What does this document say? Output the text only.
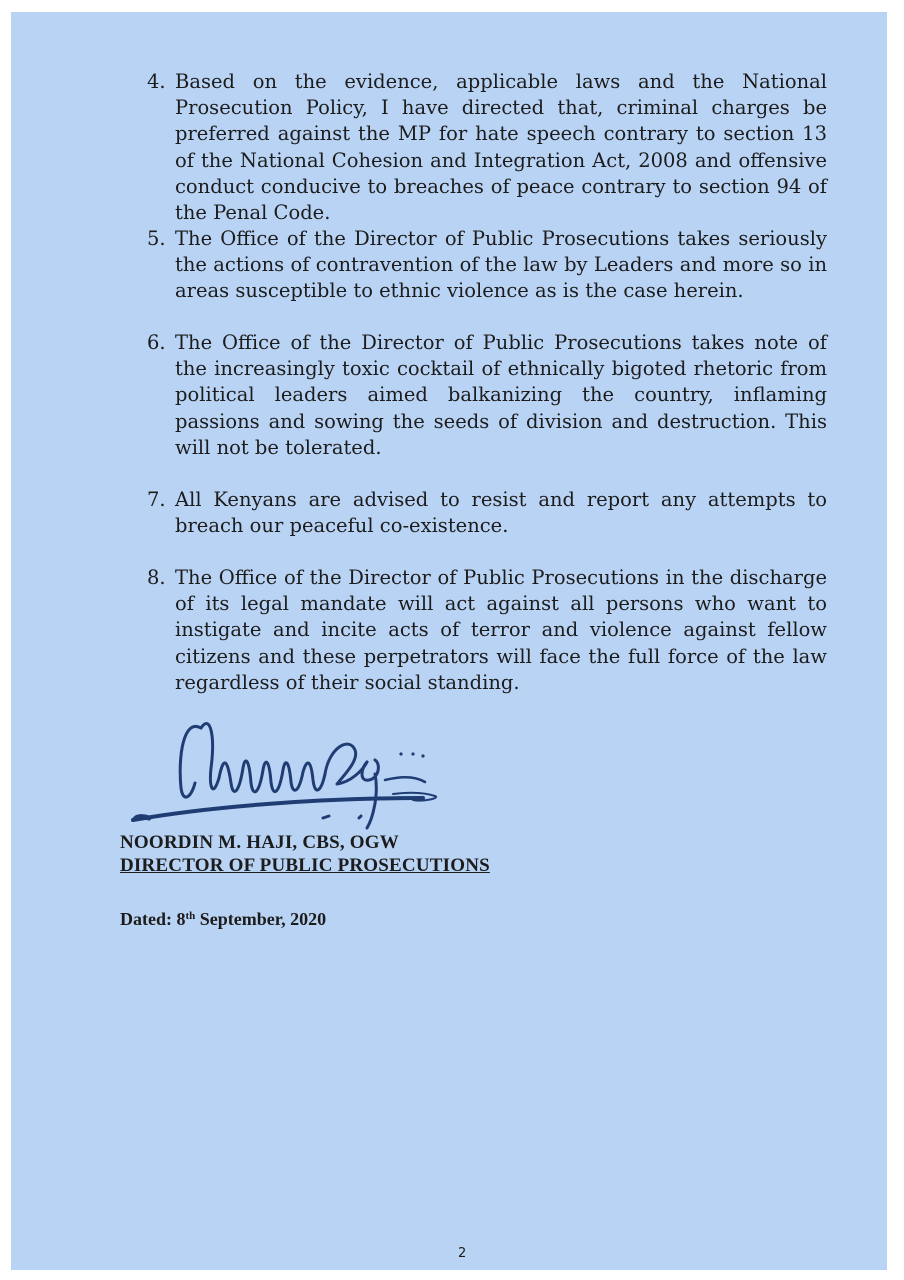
4. Based on the evidence, applicable laws and the National Prosecution Policy, I have directed that, criminal charges be preferred against the MP for hate speech contrary to section 13 of the National Cohesion and Integration Act, 2008 and offensive conduct conducive to breaches of peace contrary to section 94 of the Penal Code.
5. The Office of the Director of Public Prosecutions takes seriously the actions of contravention of the law by Leaders and more so in areas susceptible to ethnic violence as is the case herein.
6. The Office of the Director of Public Prosecutions takes note of the increasingly toxic cocktail of ethnically bigoted rhetoric from political leaders aimed balkanizing the country, inflaming passions and sowing the seeds of division and destruction. This will not be tolerated.
7. All Kenyans are advised to resist and report any attempts to breach our peaceful co-existence.
8. The Office of the Director of Public Prosecutions in the discharge of its legal mandate will act against all persons who want to instigate and incite acts of terror and violence against fellow citizens and these perpetrators will face the full force of the law regardless of their social standing.
NOORDIN M. HAJI, CBS, OGW
DIRECTOR OF PUBLIC PROSECUTIONS
Dated: 8th September, 2020
2
